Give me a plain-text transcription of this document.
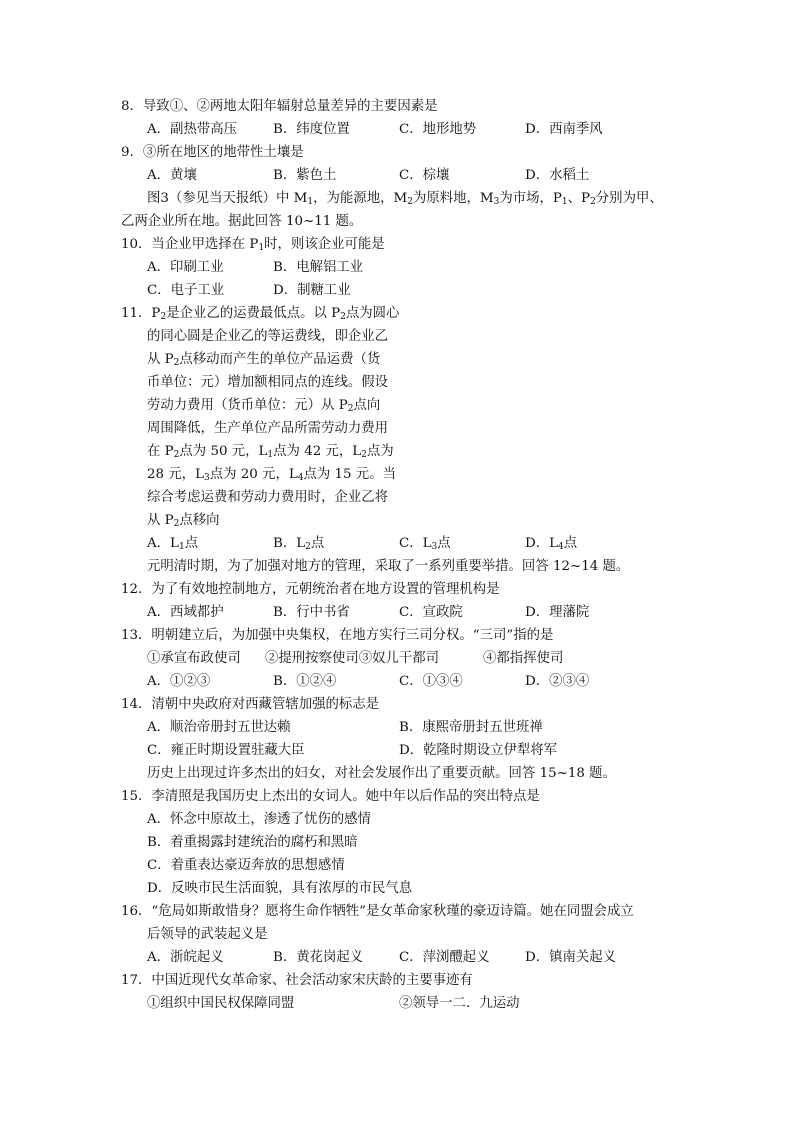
8．导致①、②两地太阳年辐射总量差异的主要因素是
A．副热带高压	B．纬度位置	C．地形地势	D．西南季风
9．③所在地区的地带性土壤是
A．黄壤	B．紫色土	C．棕壤	D．水稻土
图3（参见当天报纸）中 $M_1$，为能源地，$M_2$为原料地，$M_3$为市场，$P_1$、$P_2$分别为甲、
乙两企业所在地。据此回答 10~11 题。
10．当企业甲选择在 $P_1$时，则该企业可能是
A．印刷工业	B．电解铝工业
C．电子工业	D．制糖工业
11．$P_2$是企业乙的运费最低点。以 $P_2$点为圆心
的同心圆是企业乙的等运费线，即企业乙
从 $P_2$点移动而产生的单位产品运费（货
币单位：元）增加额相同点的连线。假设
劳动力费用（货币单位：元）从 $P_2$点向
周围降低，生产单位产品所需劳动力费用
在 $P_2$点为 50 元，$L_1$点为 42 元，$L_2$点为
28 元，$L_3$点为 20 元，$L_4$点为 15 元。当
综合考虑运费和劳动力费用时，企业乙将
从 $P_2$点移向
A．$L_1$点	B．$L_2$点	C．$L_3$点	D．$L_4$点
元明清时期，为了加强对地方的管理，采取了一系列重要举措。回答 12~14 题。
12．为了有效地控制地方，元朝统治者在地方设置的管理机构是
A．西域都护	B．行中书省	C．宣政院	D．理藩院
13．明朝建立后，为加强中央集权，在地方实行三司分权。“三司”指的是
①承宣布政使司 ②提刑按察使司③奴儿干都司	④都指挥使司
A．①②③	B．①②④	C．①③④	D．②③④
14．清朝中央政府对西藏管辖加强的标志是
A．顺治帝册封五世达赖	B．康熙帝册封五世班禅
C．雍正时期设置驻藏大臣	D．乾隆时期设立伊犁将军
历史上出现过许多杰出的妇女，对社会发展作出了重要贡献。回答 15~18 题。
15．李清照是我国历史上杰出的女词人。她中年以后作品的突出特点是
A．怀念中原故土，渗透了忧伤的感情
B．着重揭露封建统治的腐朽和黑暗
C．着重表达豪迈奔放的思想感情
D．反映市民生活面貌，具有浓厚的市民气息
16．“危局如斯敢惜身？愿将生命作牺牲”是女革命家秋瑾的豪迈诗篇。她在同盟会成立
后领导的武装起义是
A．浙皖起义	B．黄花岗起义	C．萍浏醴起义	D．镇南关起义
17．中国近现代女革命家、社会活动家宋庆龄的主要事迹有
①组织中国民权保障同盟	②领导一二．九运动
